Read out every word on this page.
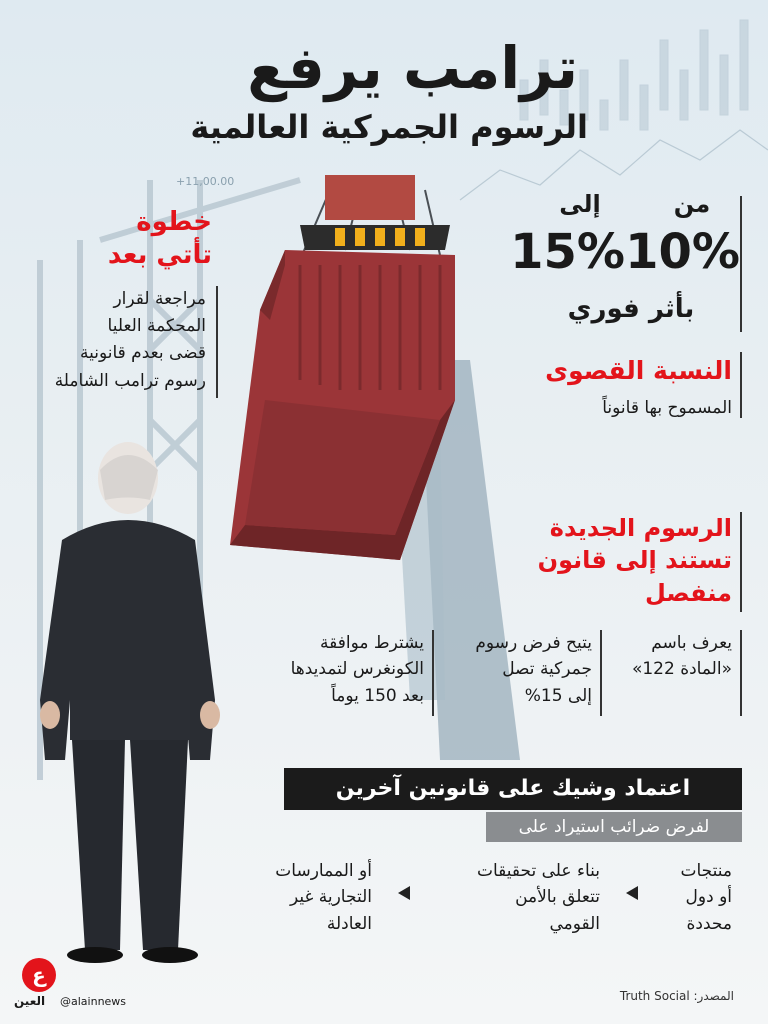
ترامب يرفع
الرسوم الجمركية العالمية
+11,00.00
من
إلى
10%
15%
بأثر فوري
النسبة القصوى
المسموح بها قانوناً
خطوة
تأتي بعد
مراجعة لقرار
المحكمة العليا
قضى بعدم قانونية
رسوم ترامب الشاملة
الرسوم الجديدة
تستند إلى قانون
منفصل
يعرف باسم
«المادة 122»
يتيح فرض رسوم
جمركية تصل
إلى 15%
يشترط موافقة
الكونغرس لتمديدها
بعد 150 يوماً
اعتماد وشيك على قانونين آخرين
لفرض ضرائب استيراد على
منتجات
أو دول
محددة
بناء على تحقيقات
تتعلق بالأمن
القومي
أو الممارسات
التجارية غير
العادلة
المصدر: Truth Social
ع
العين @alainnews
